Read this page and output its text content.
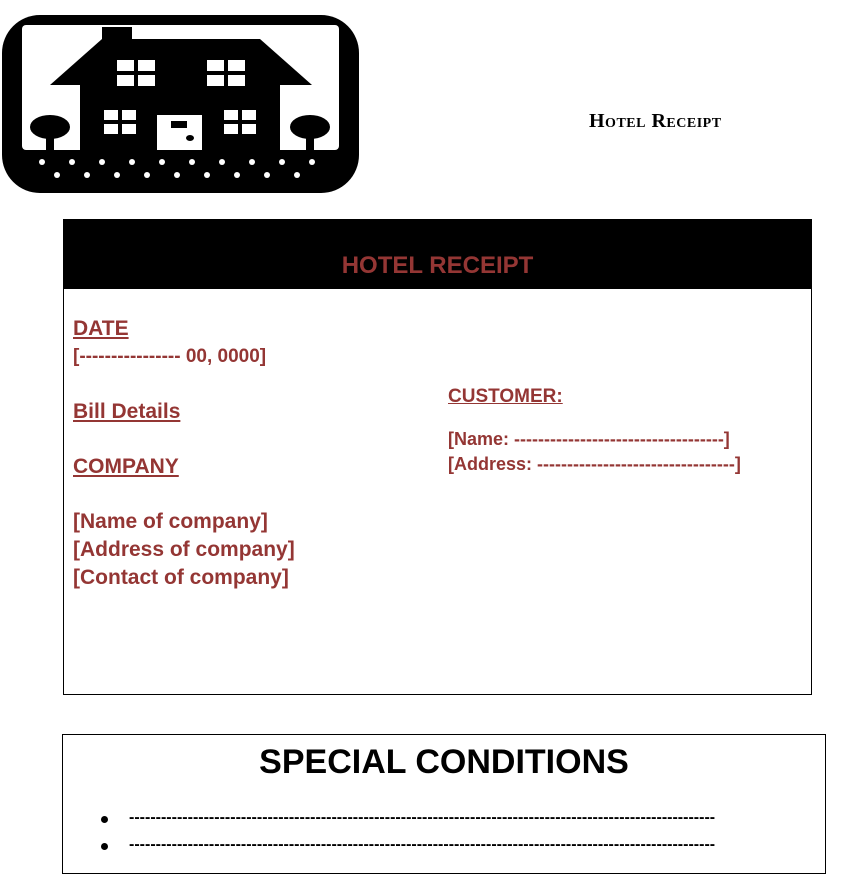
Hotel Receipt
HOTEL RECEIPT
DATE
[---------------- 00, 0000]
Bill Details
COMPANY
[Name of company]
[Address of company]
[Contact of company]
CUSTOMER:
[Name: -----------------------------------]
[Address: ---------------------------------]
SPECIAL CONDITIONS
--------------------------------------------------------------------------------------------------------------
--------------------------------------------------------------------------------------------------------------
